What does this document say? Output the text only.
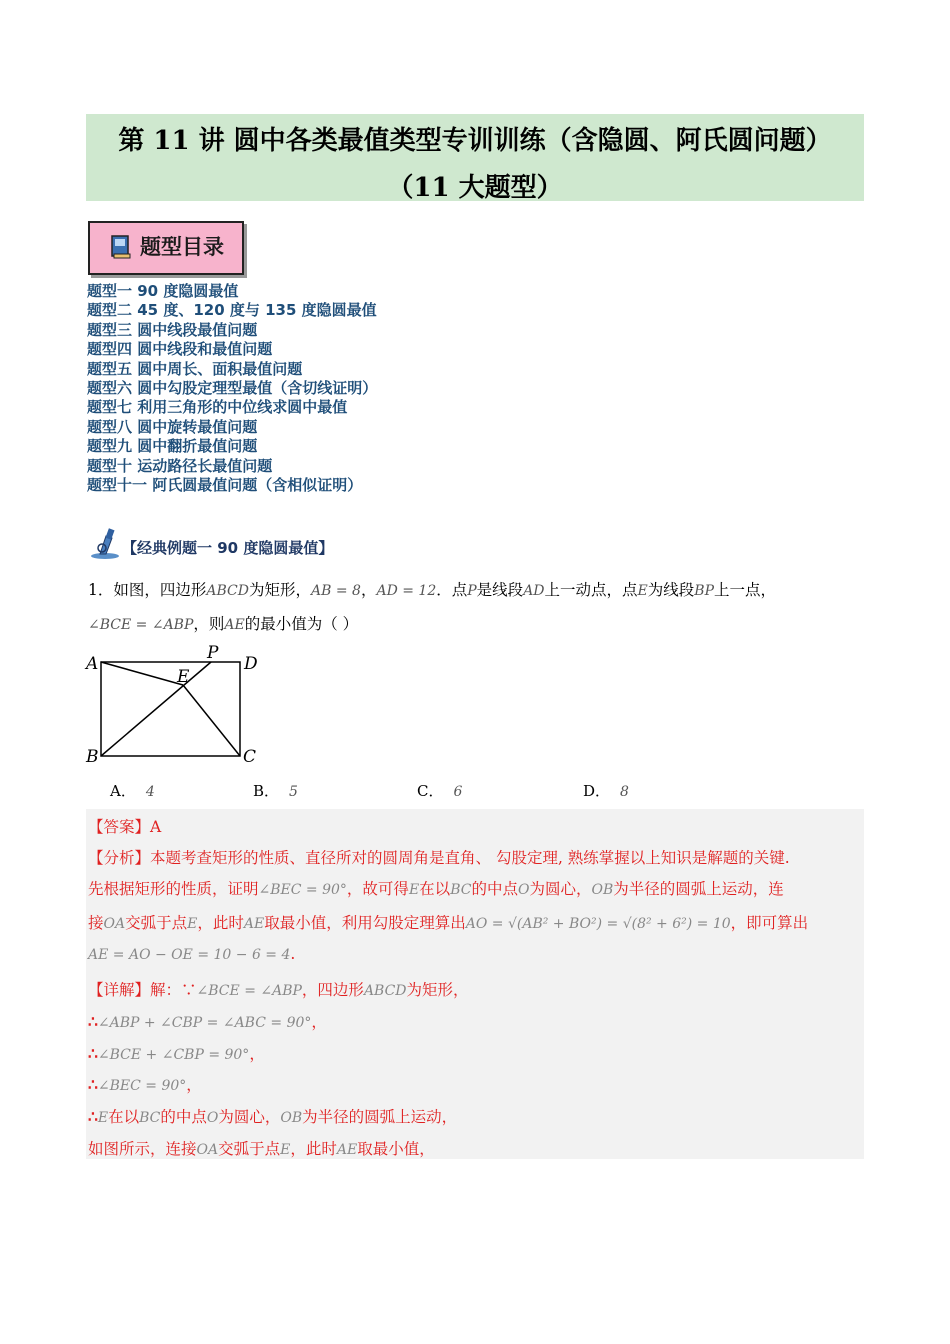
第 11 讲 圆中各类最值类型专训训练（含隐圆、阿氏圆问题）
（11 大题型）
题型目录
题型一 90 度隐圆最值
题型二 45 度、120 度与 135 度隐圆最值
题型三 圆中线段最值问题
题型四 圆中线段和最值问题
题型五 圆中周长、面积最值问题
题型六 圆中勾股定理型最值（含切线证明）
题型七 利用三角形的中位线求圆中最值
题型八 圆中旋转最值问题
题型九 圆中翻折最值问题
题型十 运动路径长最值问题
题型十一 阿氏圆最值问题（含相似证明）
【经典例题一 90 度隐圆最值】
1．如图，四边形ABCD为矩形，AB = 8，AD = 12．点P是线段AD上一动点，点E为线段BP上一点，
∠BCE = ∠ABP，则AE的最小值为（ ）
A
P
D
E
B	C
A． 4	B． 5	C． 6	D． 8
【答案】A
【分析】本题考查矩形的性质、直径所对的圆周角是直角、 勾股定理, 熟练掌握以上知识是解题的关键.
先根据矩形的性质，证明∠BEC = 90°，故可得E在以BC的中点O为圆心，OB为半径的圆弧上运动，连
接OA交弧于点E，此时AE取最小值，利用勾股定理算出AO = √(AB² + BO²) = √(8² + 6²) = 10，即可算出
AE = AO − OE = 10 − 6 = 4.
【详解】解：∵∠BCE = ∠ABP，四边形ABCD为矩形，
∴∠ABP + ∠CBP = ∠ABC = 90°，
∴∠BCE + ∠CBP = 90°，
∴∠BEC = 90°，
∴E在以BC的中点O为圆心，OB为半径的圆弧上运动，
如图所示，连接OA交弧于点E，此时AE取最小值，
